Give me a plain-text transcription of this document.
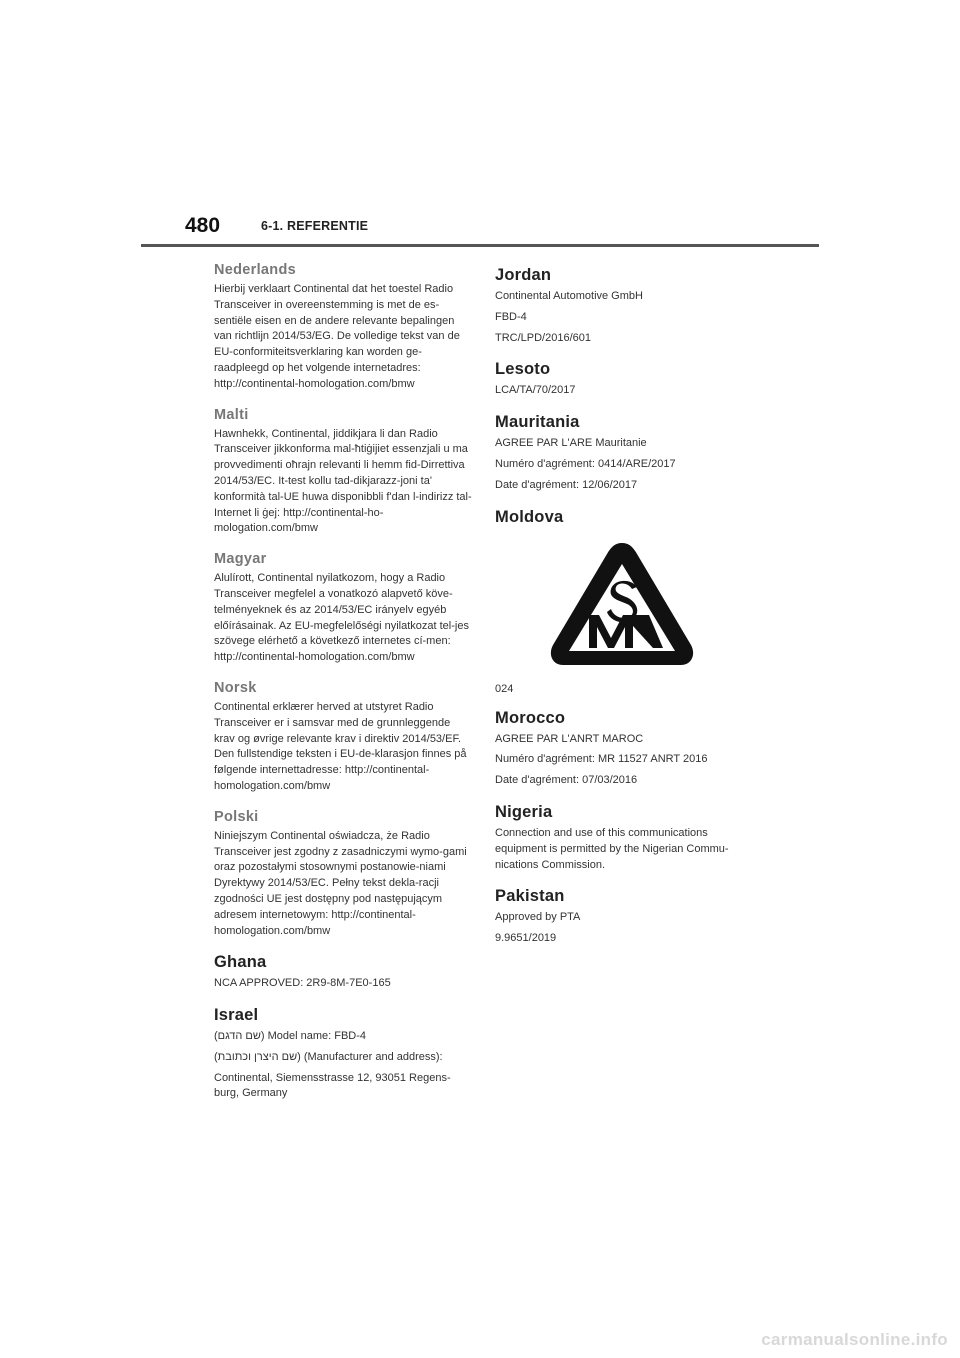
480	6-1. REFERENTIE
Nederlands

Hierbij verklaart Continental dat het toestel Radio Transceiver in overeenstemming is met de es-sentiële eisen en de andere relevante bepalingen van richtlijn 2014/53/EG. De volledige tekst van de EU-conformiteitsverklaring kan worden ge-raadpleegd op het volgende internetadres: http://continental-homologation.com/bmw

Malti

Hawnhekk, Continental, jiddikjara li dan Radio Transceiver jikkonforma mal-ħtiġijiet essenzjali u ma provvedimenti oħrajn relevanti li hemm fid-Dirrettiva 2014/53/EC. It-test kollu tad-dikjarazz-joni ta' konformità tal-UE huwa disponibbli f'dan l-indirizz tal-Internet li ġej: http://continental-ho-mologation.com/bmw

Magyar

Alulírott, Continental nyilatkozom, hogy a Radio Transceiver megfelel a vonatkozó alapvető köve-telményeknek és az 2014/53/EC irányelv egyéb előírásainak. Az EU-megfelelőségi nyilatkozat tel-jes szövege elérhető a következő internetes cí-men: http://continental-homologation.com/bmw

Norsk

Continental erklærer herved at utstyret Radio Transceiver er i samsvar med de grunnleggende krav og øvrige relevante krav i direktiv 2014/53/EF. Den fullstendige teksten i EU-de-klarasjon finnes på følgende internettadresse: http://continental-homologation.com/bmw

Polski

Niniejszym Continental oświadcza, że Radio Transceiver jest zgodny z zasadniczymi wymo-gami oraz pozostałymi stosownymi postanowie-niami Dyrektywy 2014/53/EC. Pełny tekst dekla-racji zgodności UE jest dostępny pod następującym adresem internetowym: http://continental-homologation.com/bmw

Ghana

NCA APPROVED: 2R9-8M-7E0-165

Israel

(שם הדגם) Model name: FBD-4

(שם היצרן וכתובת) (Manufacturer and address):

Continental, Siemensstrasse 12, 93051 Regens-burg, Germany

Jordan

Continental Automotive GmbH

FBD-4

TRC/LPD/2016/601

Lesoto

LCA/TA/70/2017

Mauritania

AGREE PAR L'ARE Mauritanie

Numéro d'agrément: 0414/ARE/2017

Date d'agrément: 12/06/2017

Moldova

024

Morocco

AGREE PAR L'ANRT MAROC

Numéro d'agrément: MR 11527 ANRT 2016

Date d'agrément: 07/03/2016

Nigeria

Connection and use of this communications equipment is permitted by the Nigerian Commu-nications Commission.

Pakistan

Approved by PTA

9.9651/2019

carmanualsonline.info
